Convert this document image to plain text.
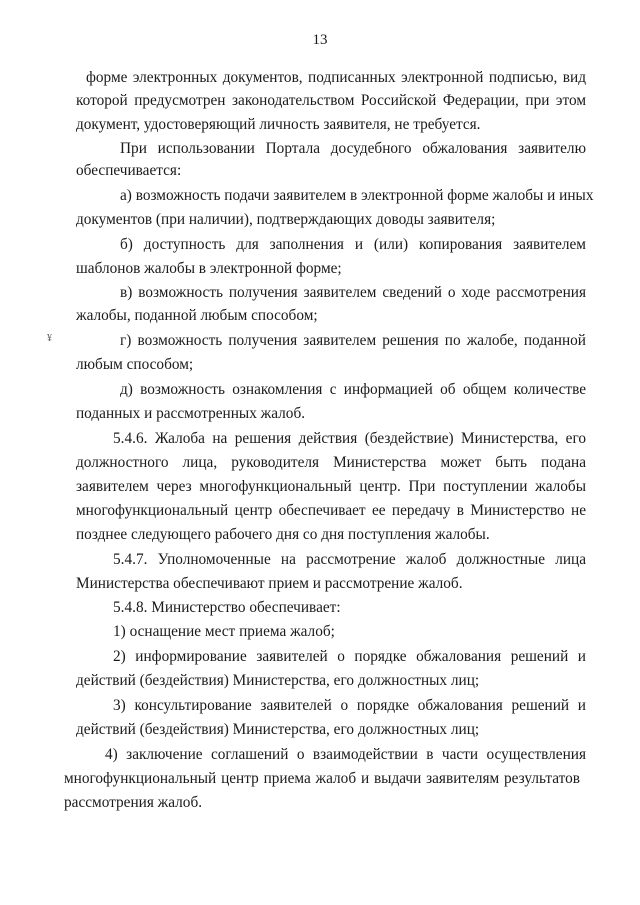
13
¥
форме электронных документов, подписанных электронной подписью, вид
которой предусмотрен законодательством Российской Федерации, при этом
документ, удостоверяющий личность заявителя, не требуется.
При использовании Портала досудебного обжалования заявителю
обеспечивается:
а) возможность подачи заявителем в электронной форме жалобы и иных
документов (при наличии), подтверждающих доводы заявителя;
б) доступность для заполнения и (или) копирования заявителем
шаблонов жалобы в электронной форме;
в) возможность получения заявителем сведений о ходе рассмотрения
жалобы, поданной любым способом;
г) возможность получения заявителем решения по жалобе, поданной
любым способом;
д) возможность ознакомления с информацией об общем количестве
поданных и рассмотренных жалоб.
5.4.6. Жалоба на решения действия (бездействие) Министерства, его
должностного лица, руководителя Министерства может быть подана
заявителем через многофункциональный центр. При поступлении жалобы
многофункциональный центр обеспечивает ее передачу в Министерство не
позднее следующего рабочего дня со дня поступления жалобы.
5.4.7. Уполномоченные на рассмотрение жалоб должностные лица
Министерства обеспечивают прием и рассмотрение жалоб.
5.4.8. Министерство обеспечивает:
1) оснащение мест приема жалоб;
2) информирование заявителей о порядке обжалования решений и
действий (бездействия) Министерства, его должностных лиц;
3) консультирование заявителей о порядке обжалования решений и
действий (бездействия) Министерства, его должностных лиц;
4) заключение соглашений о взаимодействии в части осуществления
многофункциональный центр приема жалоб и выдачи заявителям результатов
рассмотрения жалоб.
